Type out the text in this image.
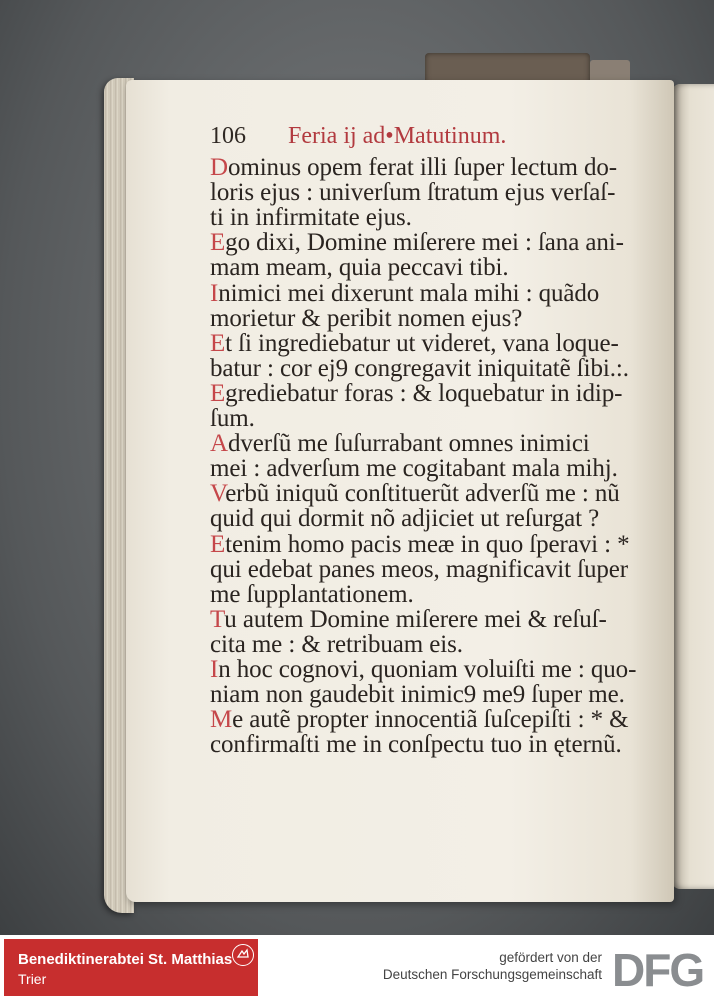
106 Feria ij ad•Matutinum.
Dominus opem ferat illi ſuper lectum do-
loris ejus : univerſum ſtratum ejus verſaſ-
ti in infirmitate ejus.
Ego dixi, Domine miſerere mei : ſana ani-
mam meam, quia peccavi tibi.
Inimici mei dixerunt mala mihi : quãdo
morietur & peribit nomen ejus?
Et ſi ingrediebatur ut videret, vana loque-
batur : cor ej9 congregavit iniquitatẽ ſibi.:.
Egrediebatur foras : & loquebatur in idip-
ſum.
Adverſũ me ſuſurrabant omnes inimici
mei : adverſum me cogitabant mala mihj.
Verbũ iniquũ conſtituerũt adverſũ me : nũ
quid qui dormit nõ adjiciet ut reſurgat ?
Etenim homo pacis meæ in quo ſperavi : *
qui edebat panes meos, magnificavit ſuper
me ſupplantationem.
Tu autem Domine miſerere mei & reſuſ-
cita me : & retribuam eis.
In hoc cognovi, quoniam voluiſti me : quo-
niam non gaudebit inimic9 me9 ſuper me.
Me autẽ propter innocentiã ſuſcepiſti : * &
confirmaſti me in conſpectu tuo in ęternũ.
Benediktinerabtei St. Matthias
Trier
gefördert von der
Deutschen Forschungsgemeinschaft DFG
